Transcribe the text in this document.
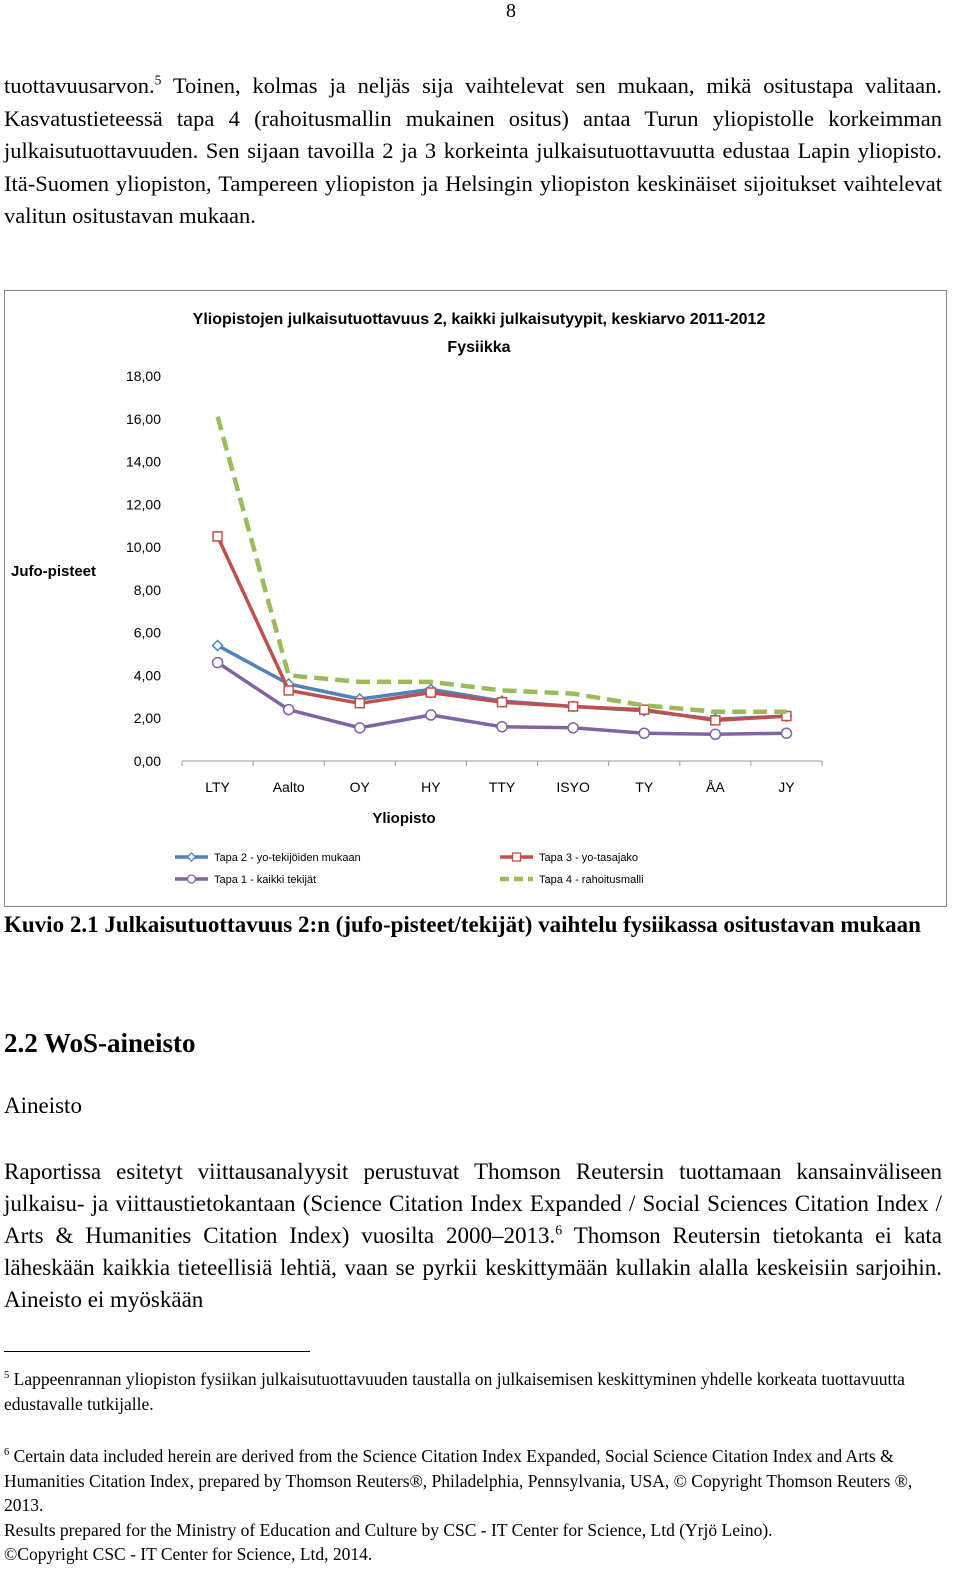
8

tuottavuusarvon.$^5$ Toinen, kolmas ja neljäs sija vaihtelevat sen mukaan, mikä ositustapa valitaan. Kasvatustieteessä tapa 4 (rahoitusmallin mukainen ositus) antaa Turun yliopistolle korkeimman julkaisutuottavuuden. Sen sijaan tavoilla 2 ja 3 korkeinta julkaisutuottavuutta edustaa Lapin yliopisto. Itä-Suomen yliopiston, Tampereen yliopiston ja Helsingin yliopiston keskinäiset sijoitukset vaihtelevat valitun ositustavan mukaan.

Yliopistojen julkaisutuottavuus 2, kaikki julkaisutyypit, keskiarvo 2011-2012
Fysiikka
Jufo-pisteet
Yliopisto
LTY	Aalto	OY	HY	TTY	ISYO	TY	ÅA	JY
0,00
2,00
4,00
6,00
8,00
10,00
12,00
14,00
16,00
18,00
Tapa 2 - yo-tekijöiden mukaan	Tapa 3 - yo-tasajako
Tapa 1 - kaikki tekijät	Tapa 4 - rahoitusmalli

Kuvio 2.1 Julkaisutuottavuus 2:n (jufo-pisteet/tekijät) vaihtelu fysiikassa ositustavan mukaan

2.2 WoS-aineisto

Aineisto

Raportissa esitetyt viittausanalyysit perustuvat Thomson Reutersin tuottamaan kansainväliseen julkaisu- ja viittaustietokantaan (Science Citation Index Expanded / Social Sciences Citation Index / Arts & Humanities Citation Index) vuosilta 2000–2013.$^6$ Thomson Reutersin tietokanta ei kata läheskään kaikkia tieteellisiä lehtiä, vaan se pyrkii keskittymään kullakin alalla keskeisiin sarjoihin. Aineisto ei myöskään

$^5$ Lappeenrannan yliopiston fysiikan julkaisutuottavuuden taustalla on julkaisemisen keskittyminen yhdelle korkeata tuottavuutta edustavalle tutkijalle.

$^6$ Certain data included herein are derived from the Science Citation Index Expanded, Social Science Citation Index and Arts & Humanities Citation Index, prepared by Thomson Reuters®, Philadelphia, Pennsylvania, USA, © Copyright Thomson Reuters ®, 2013.
Results prepared for the Ministry of Education and Culture by CSC - IT Center for Science, Ltd (Yrjö Leino).
©Copyright CSC - IT Center for Science, Ltd, 2014.
